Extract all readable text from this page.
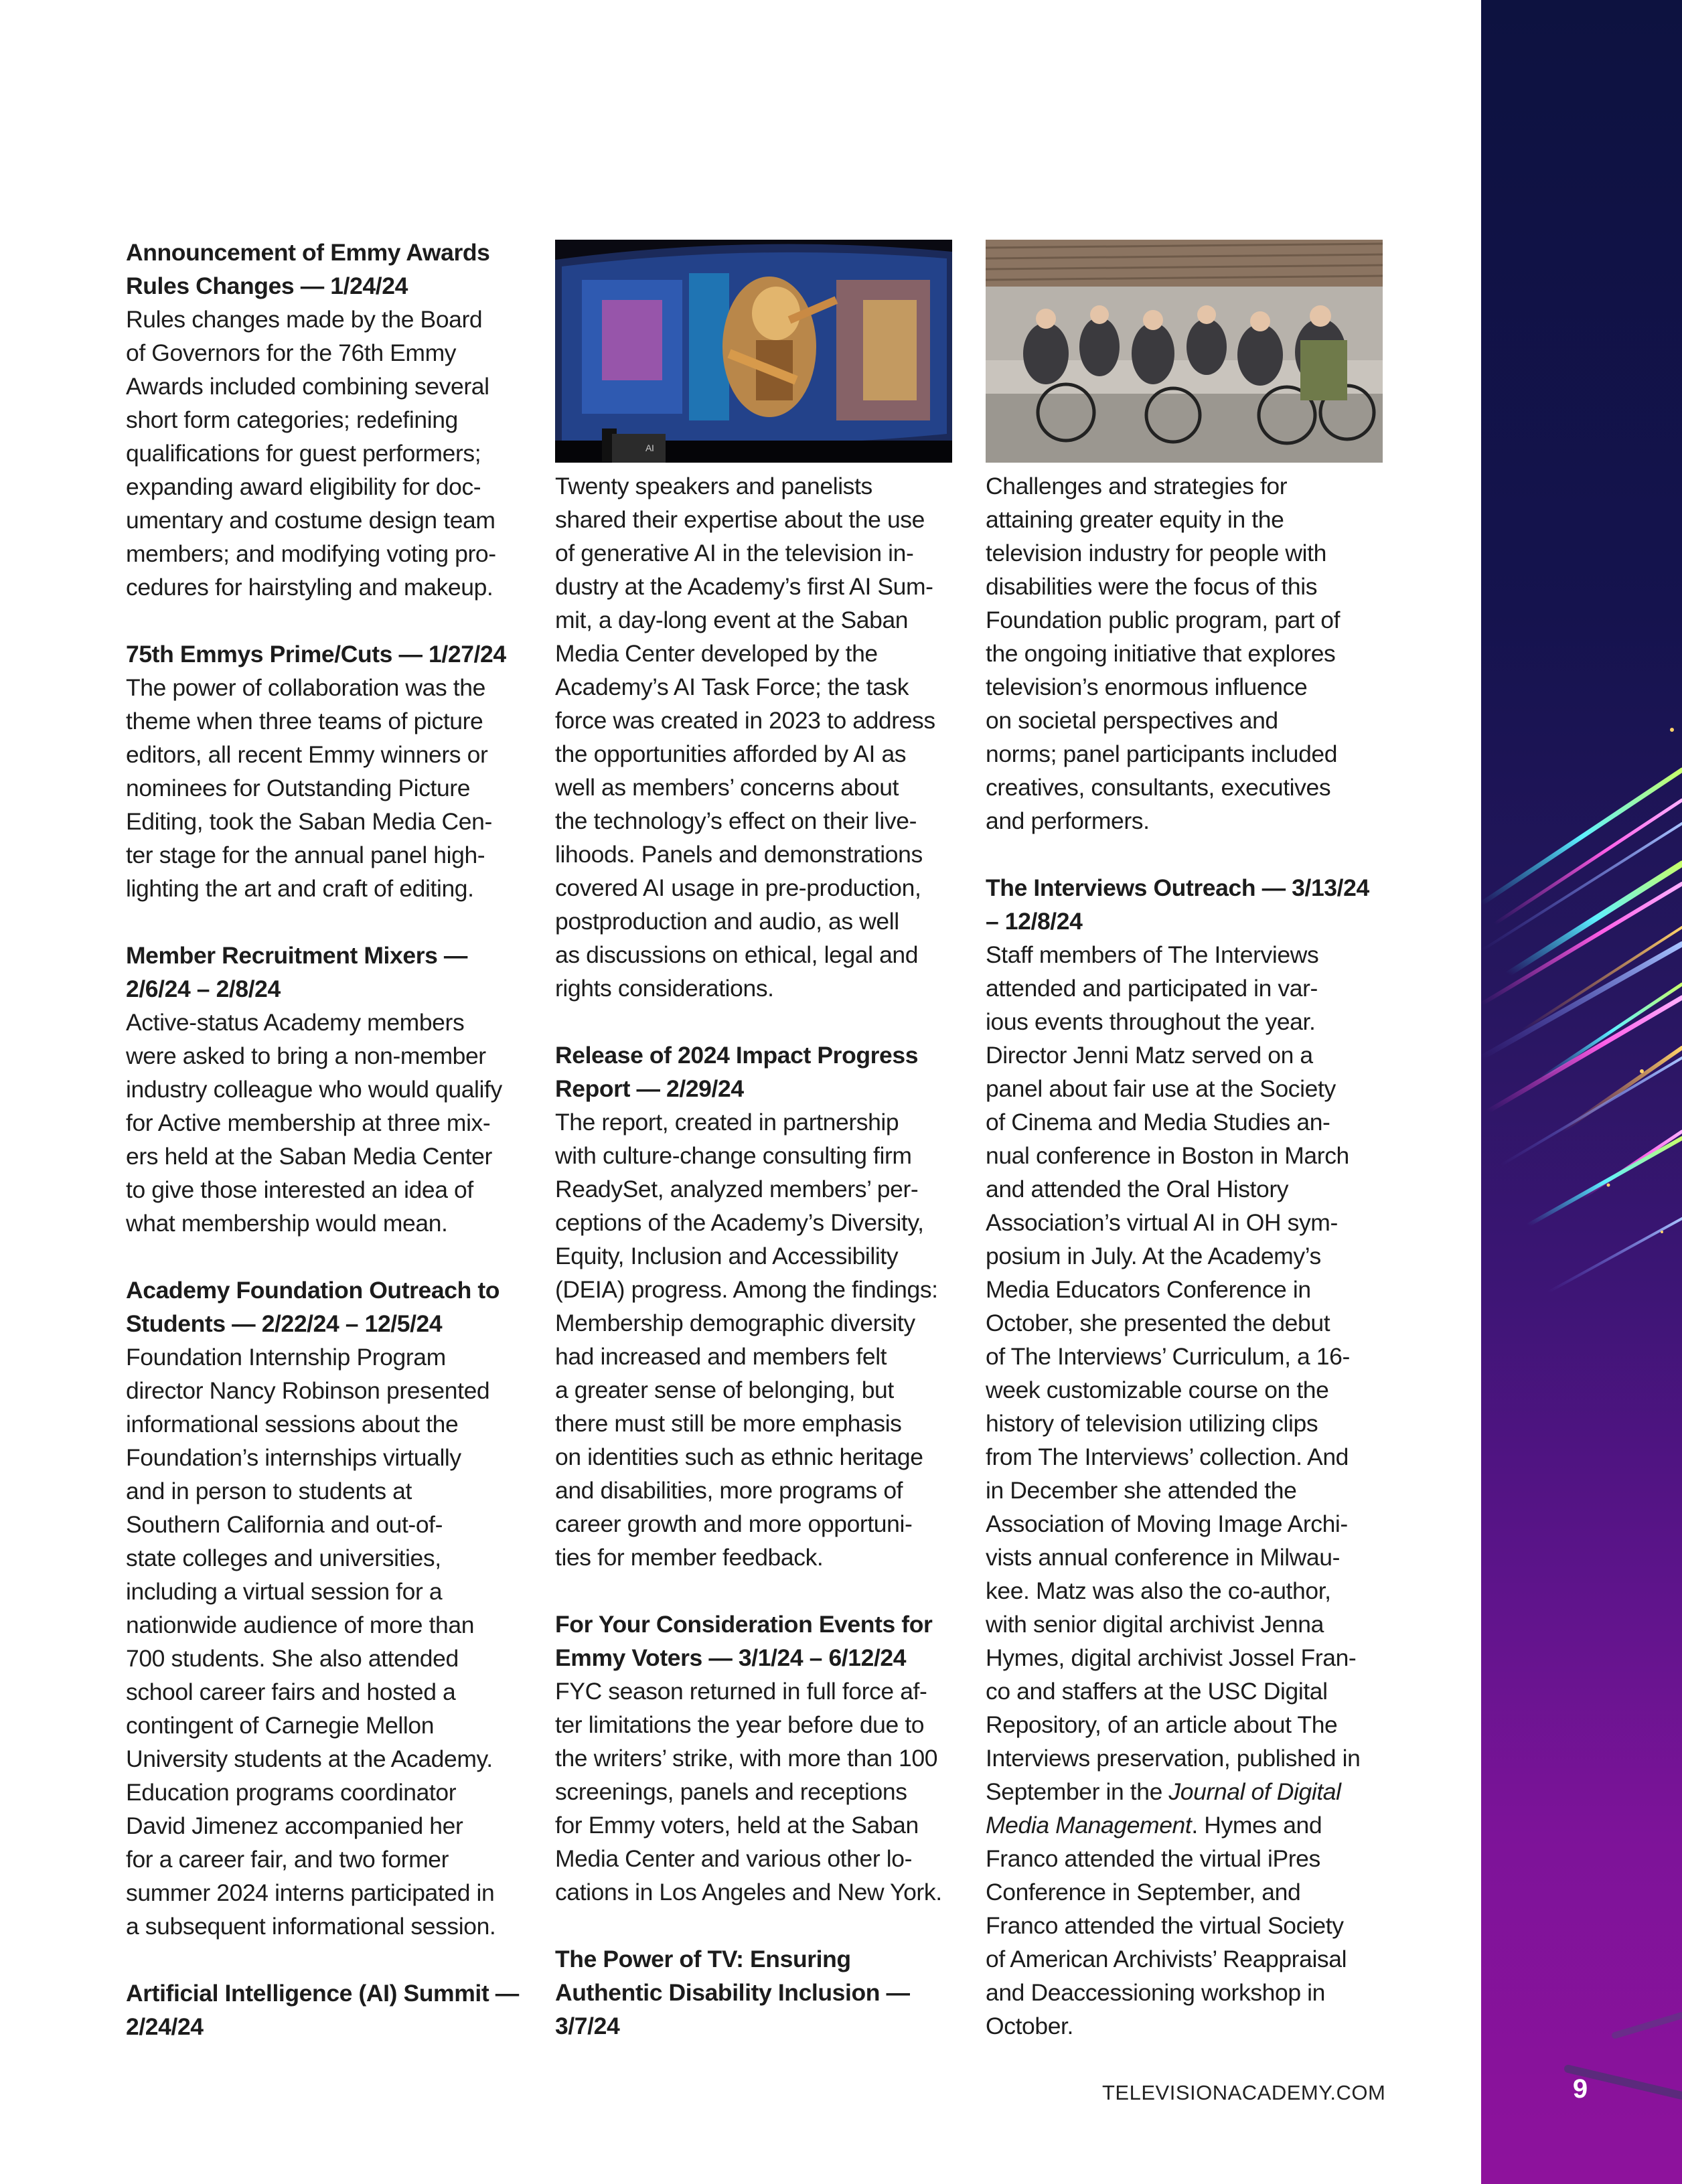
Announcement of Emmy Awards

Rules Changes — 1/24/24

Rules changes made by the Board

of Governors for the 76th Emmy

Awards included combining several

short form categories; redefining

qualifications for guest performers;

expanding award eligibility for doc-

umentary and costume design team

members; and modifying voting pro-

cedures for hairstyling and makeup.

75th Emmys Prime/Cuts — 1/27/24

The power of collaboration was the

theme when three teams of picture

editors, all recent Emmy winners or

nominees for Outstanding Picture

Editing, took the Saban Media Cen-

ter stage for the annual panel high-

lighting the art and craft of editing.

Member Recruitment Mixers —

2/6/24 – 2/8/24

Active-status Academy members

were asked to bring a non-member

industry colleague who would qualify

for Active membership at three mix-

ers held at the Saban Media Center

to give those interested an idea of

what membership would mean.

Academy Foundation Outreach to

Students — 2/22/24 – 12/5/24

Foundation Internship Program

director Nancy Robinson presented

informational sessions about the

Foundation’s internships virtually

and in person to students at

Southern California and out-of-

state colleges and universities,

including a virtual session for a

nationwide audience of more than

700 students. She also attended

school career fairs and hosted a

contingent of Carnegie Mellon

University students at the Academy.

Education programs coordinator

David Jimenez accompanied her

for a career fair, and two former

summer 2024 interns participated in

a subsequent informational session.

Artificial Intelligence (AI) Summit —

2/24/24

AI

Twenty speakers and panelists

shared their expertise about the use

of generative AI in the television in-

dustry at the Academy’s first AI Sum-

mit, a day-long event at the Saban

Media Center developed by the

Academy’s AI Task Force; the task

force was created in 2023 to address

the opportunities afforded by AI as

well as members’ concerns about

the technology’s effect on their live-

lihoods. Panels and demonstrations

covered AI usage in pre-production,

postproduction and audio, as well

as discussions on ethical, legal and

rights considerations.

Release of 2024 Impact Progress

Report — 2/29/24

The report, created in partnership

with culture-change consulting firm

ReadySet, analyzed members’ per-

ceptions of the Academy’s Diversity,

Equity, Inclusion and Accessibility

(DEIA) progress. Among the findings:

Membership demographic diversity

had increased and members felt

a greater sense of belonging, but

there must still be more emphasis

on identities such as ethnic heritage

and disabilities, more programs of

career growth and more opportuni-

ties for member feedback.

For Your Consideration Events for

Emmy Voters — 3/1/24 – 6/12/24

FYC season returned in full force af-

ter limitations the year before due to

the writers’ strike, with more than 100

screenings, panels and receptions

for Emmy voters, held at the Saban

Media Center and various other lo-

cations in Los Angeles and New York.

The Power of TV: Ensuring

Authentic Disability Inclusion —

3/7/24

Challenges and strategies for

attaining greater equity in the

television industry for people with

disabilities were the focus of this

Foundation public program, part of

the ongoing initiative that explores

television’s enormous influence

on societal perspectives and

norms; panel participants included

creatives, consultants, executives

and performers.

The Interviews Outreach — 3/13/24

– 12/8/24

Staff members of The Interviews

attended and participated in var-

ious events throughout the year.

Director Jenni Matz served on a

panel about fair use at the Society

of Cinema and Media Studies an-

nual conference in Boston in March

and attended the Oral History

Association’s virtual AI in OH sym-

posium in July. At the Academy’s

Media Educators Conference in

October, she presented the debut

of The Interviews’ Curriculum, a 16-

week customizable course on the

history of television utilizing clips

from The Interviews’ collection. And

in December she attended the

Association of Moving Image Archi-

vists annual conference in Milwau-

kee. Matz was also the co-author,

with senior digital archivist Jenna

Hymes, digital archivist Jossel Fran-

co and staffers at the USC Digital

Repository, of an article about The

Interviews preservation, published in

September in the Journal of Digital

Media Management. Hymes and

Franco attended the virtual iPres

Conference in September, and

Franco attended the virtual Society

of American Archivists’ Reappraisal

and Deaccessioning workshop in

October.

TELEVISIONACADEMY.COM	9
